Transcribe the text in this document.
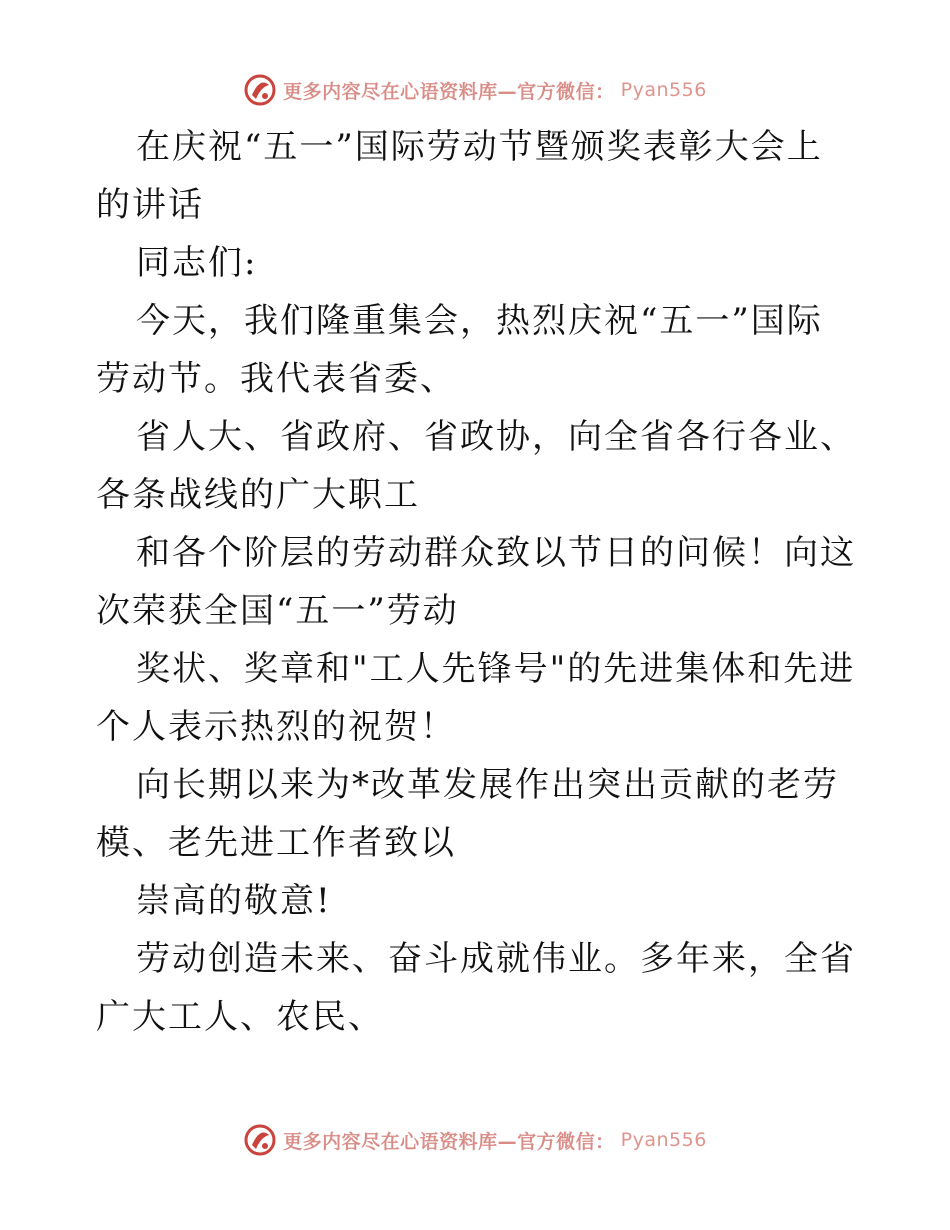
更多内容尽在心语资料库—官方微信： Pyan556

在庆祝“五一”国际劳动节暨颁奖表彰大会上的讲话

同志们:

今天，我们隆重集会，热烈庆祝“五一”国际劳动节。我代表省委、

省人大、省政府、省政协，向全省各行各业、各条战线的广大职工

和各个阶层的劳动群众致以节日的问候！向这次荣获全国“五一”劳动

奖状、奖章和"工人先锋号"的先进集体和先进个人表示热烈的祝贺！

向长期以来为*改革发展作出突出贡献的老劳模、老先进工作者致以

崇高的敬意!

劳动创造未来、奋斗成就伟业。多年来，全省广大工人、农民、

更多内容尽在心语资料库—官方微信： Pyan556
